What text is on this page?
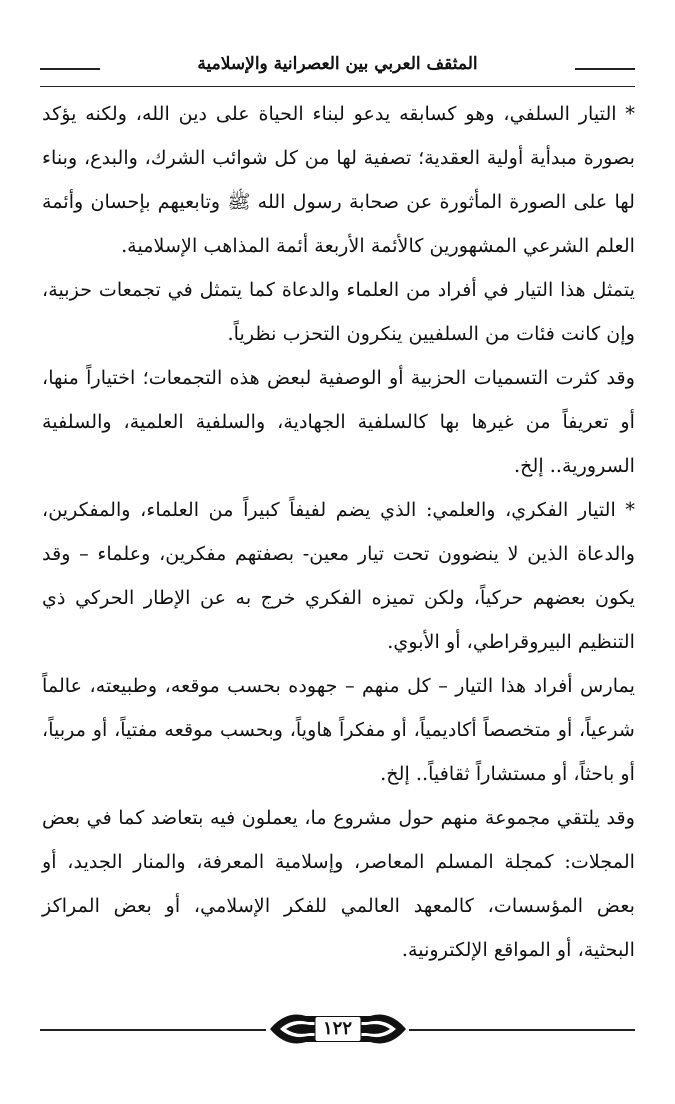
المثقف العربي بين العصرانية والإسلامية

* التيار السلفي، وهو كسابقه يدعو لبناء الحياة على دين الله، ولكنه يؤكد بصورة مبدأية أولية العقدية؛ تصفية لها من كل شوائب الشرك، والبدع، وبناء لها على الصورة المأثورة عن صحابة رسول الله ﷺ وتابعيهم بإحسان وأئمة العلم الشرعي المشهورين كالأئمة الأربعة أئمة المذاهب الإسلامية.

يتمثل هذا التيار في أفراد من العلماء والدعاة كما يتمثل في تجمعات حزبية، وإن كانت فئات من السلفيين ينكرون التحزب نظرياً.

وقد كثرت التسميات الحزبية أو الوصفية لبعض هذه التجمعات؛ اختياراً منها، أو تعريفاً من غيرها بها كالسلفية الجهادية، والسلفية العلمية، والسلفية السرورية.. إلخ.

* التيار الفكري، والعلمي: الذي يضم لفيفاً كبيراً من العلماء، والمفكرين، والدعاة الذين لا ينضوون تحت تيار معين- بصفتهم مفكرين، وعلماء – وقد يكون بعضهم حركياً، ولكن تميزه الفكري خرج به عن الإطار الحركي ذي التنظيم البيروقراطي، أو الأبوي.

يمارس أفراد هذا التيار – كل منهم – جهوده بحسب موقعه، وطبيعته، عالماً شرعياً، أو متخصصاً أكاديمياً، أو مفكراً هاوياً، وبحسب موقعه مفتياً، أو مربياً، أو باحثاً، أو مستشاراً ثقافياً.. إلخ.

وقد يلتقي مجموعة منهم حول مشروع ما، يعملون فيه بتعاضد كما في بعض المجلات: كمجلة المسلم المعاصر، وإسلامية المعرفة، والمنار الجديد، أو بعض المؤسسات، كالمعهد العالمي للفكر الإسلامي، أو بعض المراكز البحثية، أو المواقع الإلكترونية.

١٢٢
